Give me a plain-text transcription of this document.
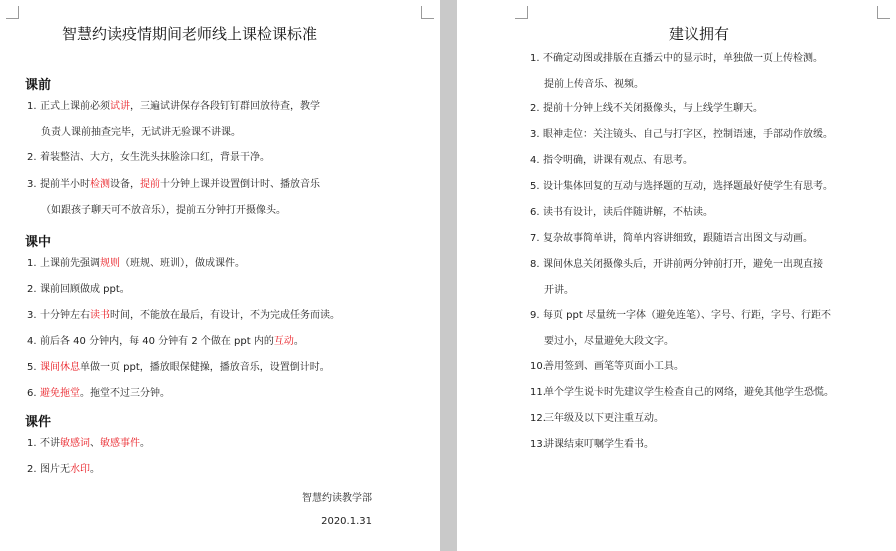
智慧约读疫情期间老师线上课检课标准
课前
1. 正式上课前必须试讲，三遍试讲保存各段钉钉群回放待查，教学
负责人课前抽查完毕，无试讲无验课不讲课。
2. 着装整洁、大方，女生洗头抹脸涂口红，背景干净。
3. 提前半小时检测设备，提前十分钟上课并设置倒计时、播放音乐
（如跟孩子聊天可不放音乐），提前五分钟打开摄像头。
课中
1. 上课前先强调规则（班规、班训），做成课件。
2. 课前回顾做成 ppt。
3. 十分钟左右读书时间，不能放在最后，有设计，不为完成任务而读。
4. 前后各 40 分钟内，每 40 分钟有 2 个做在 ppt 内的互动。
5. 课间休息单做一页 ppt，播放眼保健操，播放音乐，设置倒计时。
6. 避免拖堂。拖堂不过三分钟。
课件
1. 不讲敏感词、敏感事件。
2. 图片无水印。
智慧约读教学部
2020.1.31
建议拥有
1. 不确定动图或排版在直播云中的显示时，单独做一页上传检测。
提前上传音乐、视频。
2. 提前十分钟上线不关闭摄像头，与上线学生聊天。
3. 眼神走位：关注镜头、自己与打字区，控制语速，手部动作放缓。
4. 指令明确，讲课有观点、有思考。
5. 设计集体回复的互动与选择题的互动，选择题最好使学生有思考。
6. 读书有设计，读后伴随讲解，不枯读。
7. 复杂故事简单讲，简单内容讲细致，跟随语言出图文与动画。
8. 课间休息关闭摄像头后，开讲前两分钟前打开，避免一出现直接
开讲。
9. 每页 ppt 尽量统一字体（避免连笔）、字号、行距，字号、行距不
要过小，尽量避免大段文字。
10.善用签到、画笔等页面小工具。
11.单个学生说卡时先建议学生检查自己的网络，避免其他学生恐慌。
12.三年级及以下更注重互动。
13.讲课结束叮嘱学生看书。
